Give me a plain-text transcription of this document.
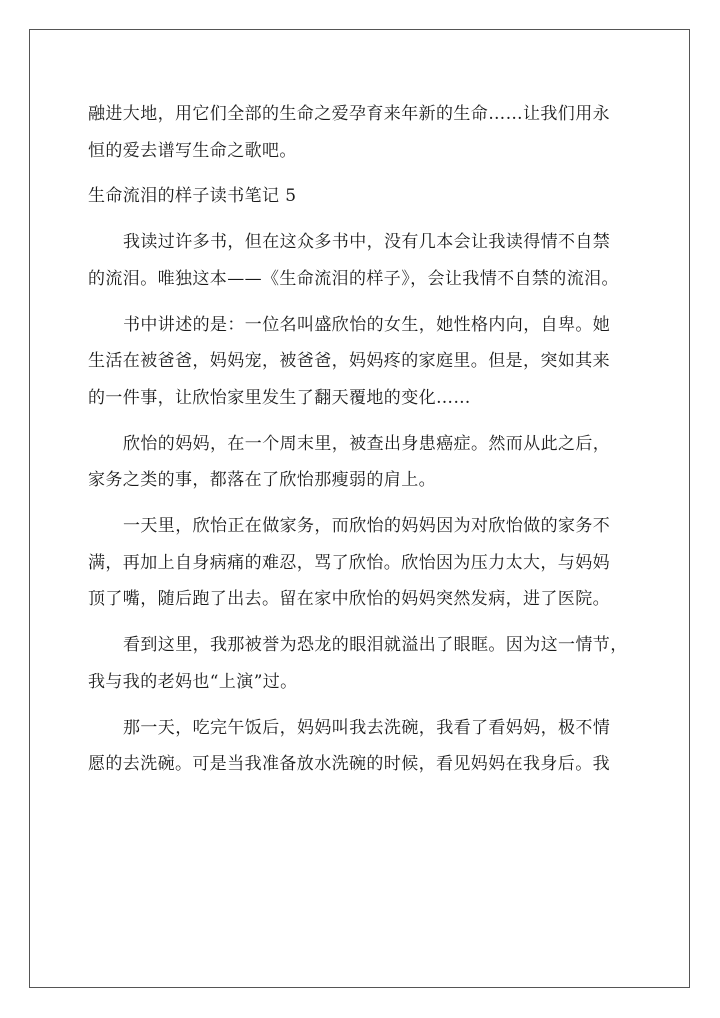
融进大地，用它们全部的生命之爱孕育来年新的生命……让我们用永
恒的爱去谱写生命之歌吧。
生命流泪的样子读书笔记 5
我读过许多书，但在这众多书中，没有几本会让我读得情不自禁
的流泪。唯独这本——《生命流泪的样子》，会让我情不自禁的流泪。
书中讲述的是：一位名叫盛欣怡的女生，她性格内向，自卑。她
生活在被爸爸，妈妈宠，被爸爸，妈妈疼的家庭里。但是，突如其来
的一件事，让欣怡家里发生了翻天覆地的变化……
欣怡的妈妈，在一个周末里，被查出身患癌症。然而从此之后，
家务之类的事，都落在了欣怡那瘦弱的肩上。
一天里，欣怡正在做家务，而欣怡的妈妈因为对欣怡做的家务不
满，再加上自身病痛的难忍，骂了欣怡。欣怡因为压力太大，与妈妈
顶了嘴，随后跑了出去。留在家中欣怡的妈妈突然发病，进了医院。
看到这里，我那被誉为恐龙的眼泪就溢出了眼眶。因为这一情节，
我与我的老妈也“上演”过。
那一天，吃完午饭后，妈妈叫我去洗碗，我看了看妈妈，极不情
愿的去洗碗。可是当我准备放水洗碗的时候，看见妈妈在我身后。我
